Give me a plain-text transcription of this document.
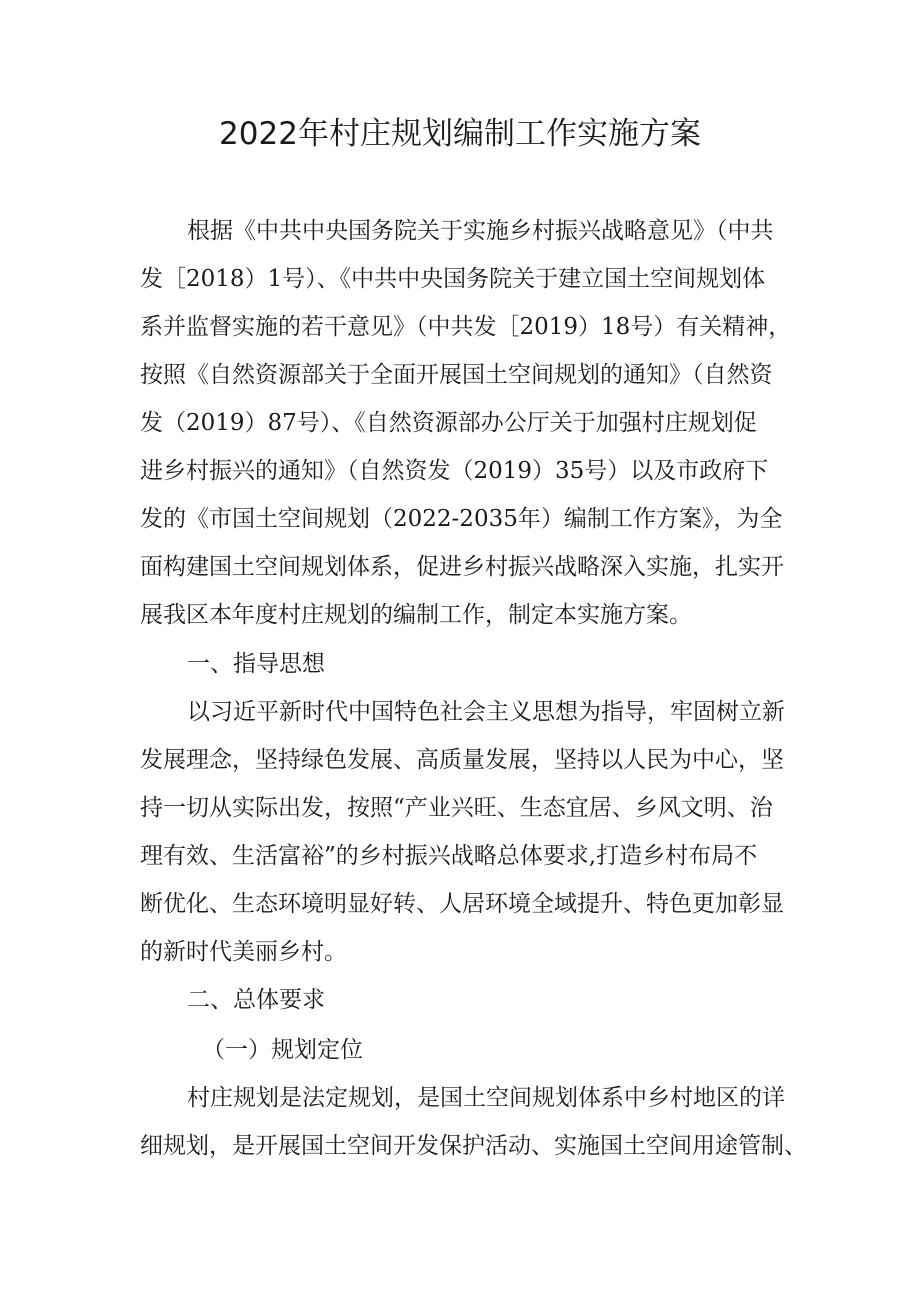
2022年村庄规划编制工作实施方案
根据《中共中央国务院关于实施乡村振兴战略意见》（中共
发［2018）1号）、《中共中央国务院关于建立国土空间规划体
系并监督实施的若干意见》（中共发［2019）18号）有关精神，
按照《自然资源部关于全面开展国土空间规划的通知》（自然资
发（2019）87号）、《自然资源部办公厅关于加强村庄规划促
进乡村振兴的通知》（自然资发（2019）35号）以及市政府下
发的《市国土空间规划（2022-2035年）编制工作方案》，为全
面构建国土空间规划体系，促进乡村振兴战略深入实施，扎实开
展我区本年度村庄规划的编制工作，制定本实施方案。
一、指导思想
以习近平新时代中国特色社会主义思想为指导，牢固树立新
发展理念，坚持绿色发展、高质量发展，坚持以人民为中心，坚
持一切从实际出发，按照“产业兴旺、生态宜居、乡风文明、治
理有效、生活富裕”的乡村振兴战略总体要求,打造乡村布局不
断优化、生态环境明显好转、人居环境全域提升、特色更加彰显
的新时代美丽乡村。
二、总体要求
（一）规划定位
村庄规划是法定规划，是国土空间规划体系中乡村地区的详
细规划，是开展国土空间开发保护活动、实施国土空间用途管制、
